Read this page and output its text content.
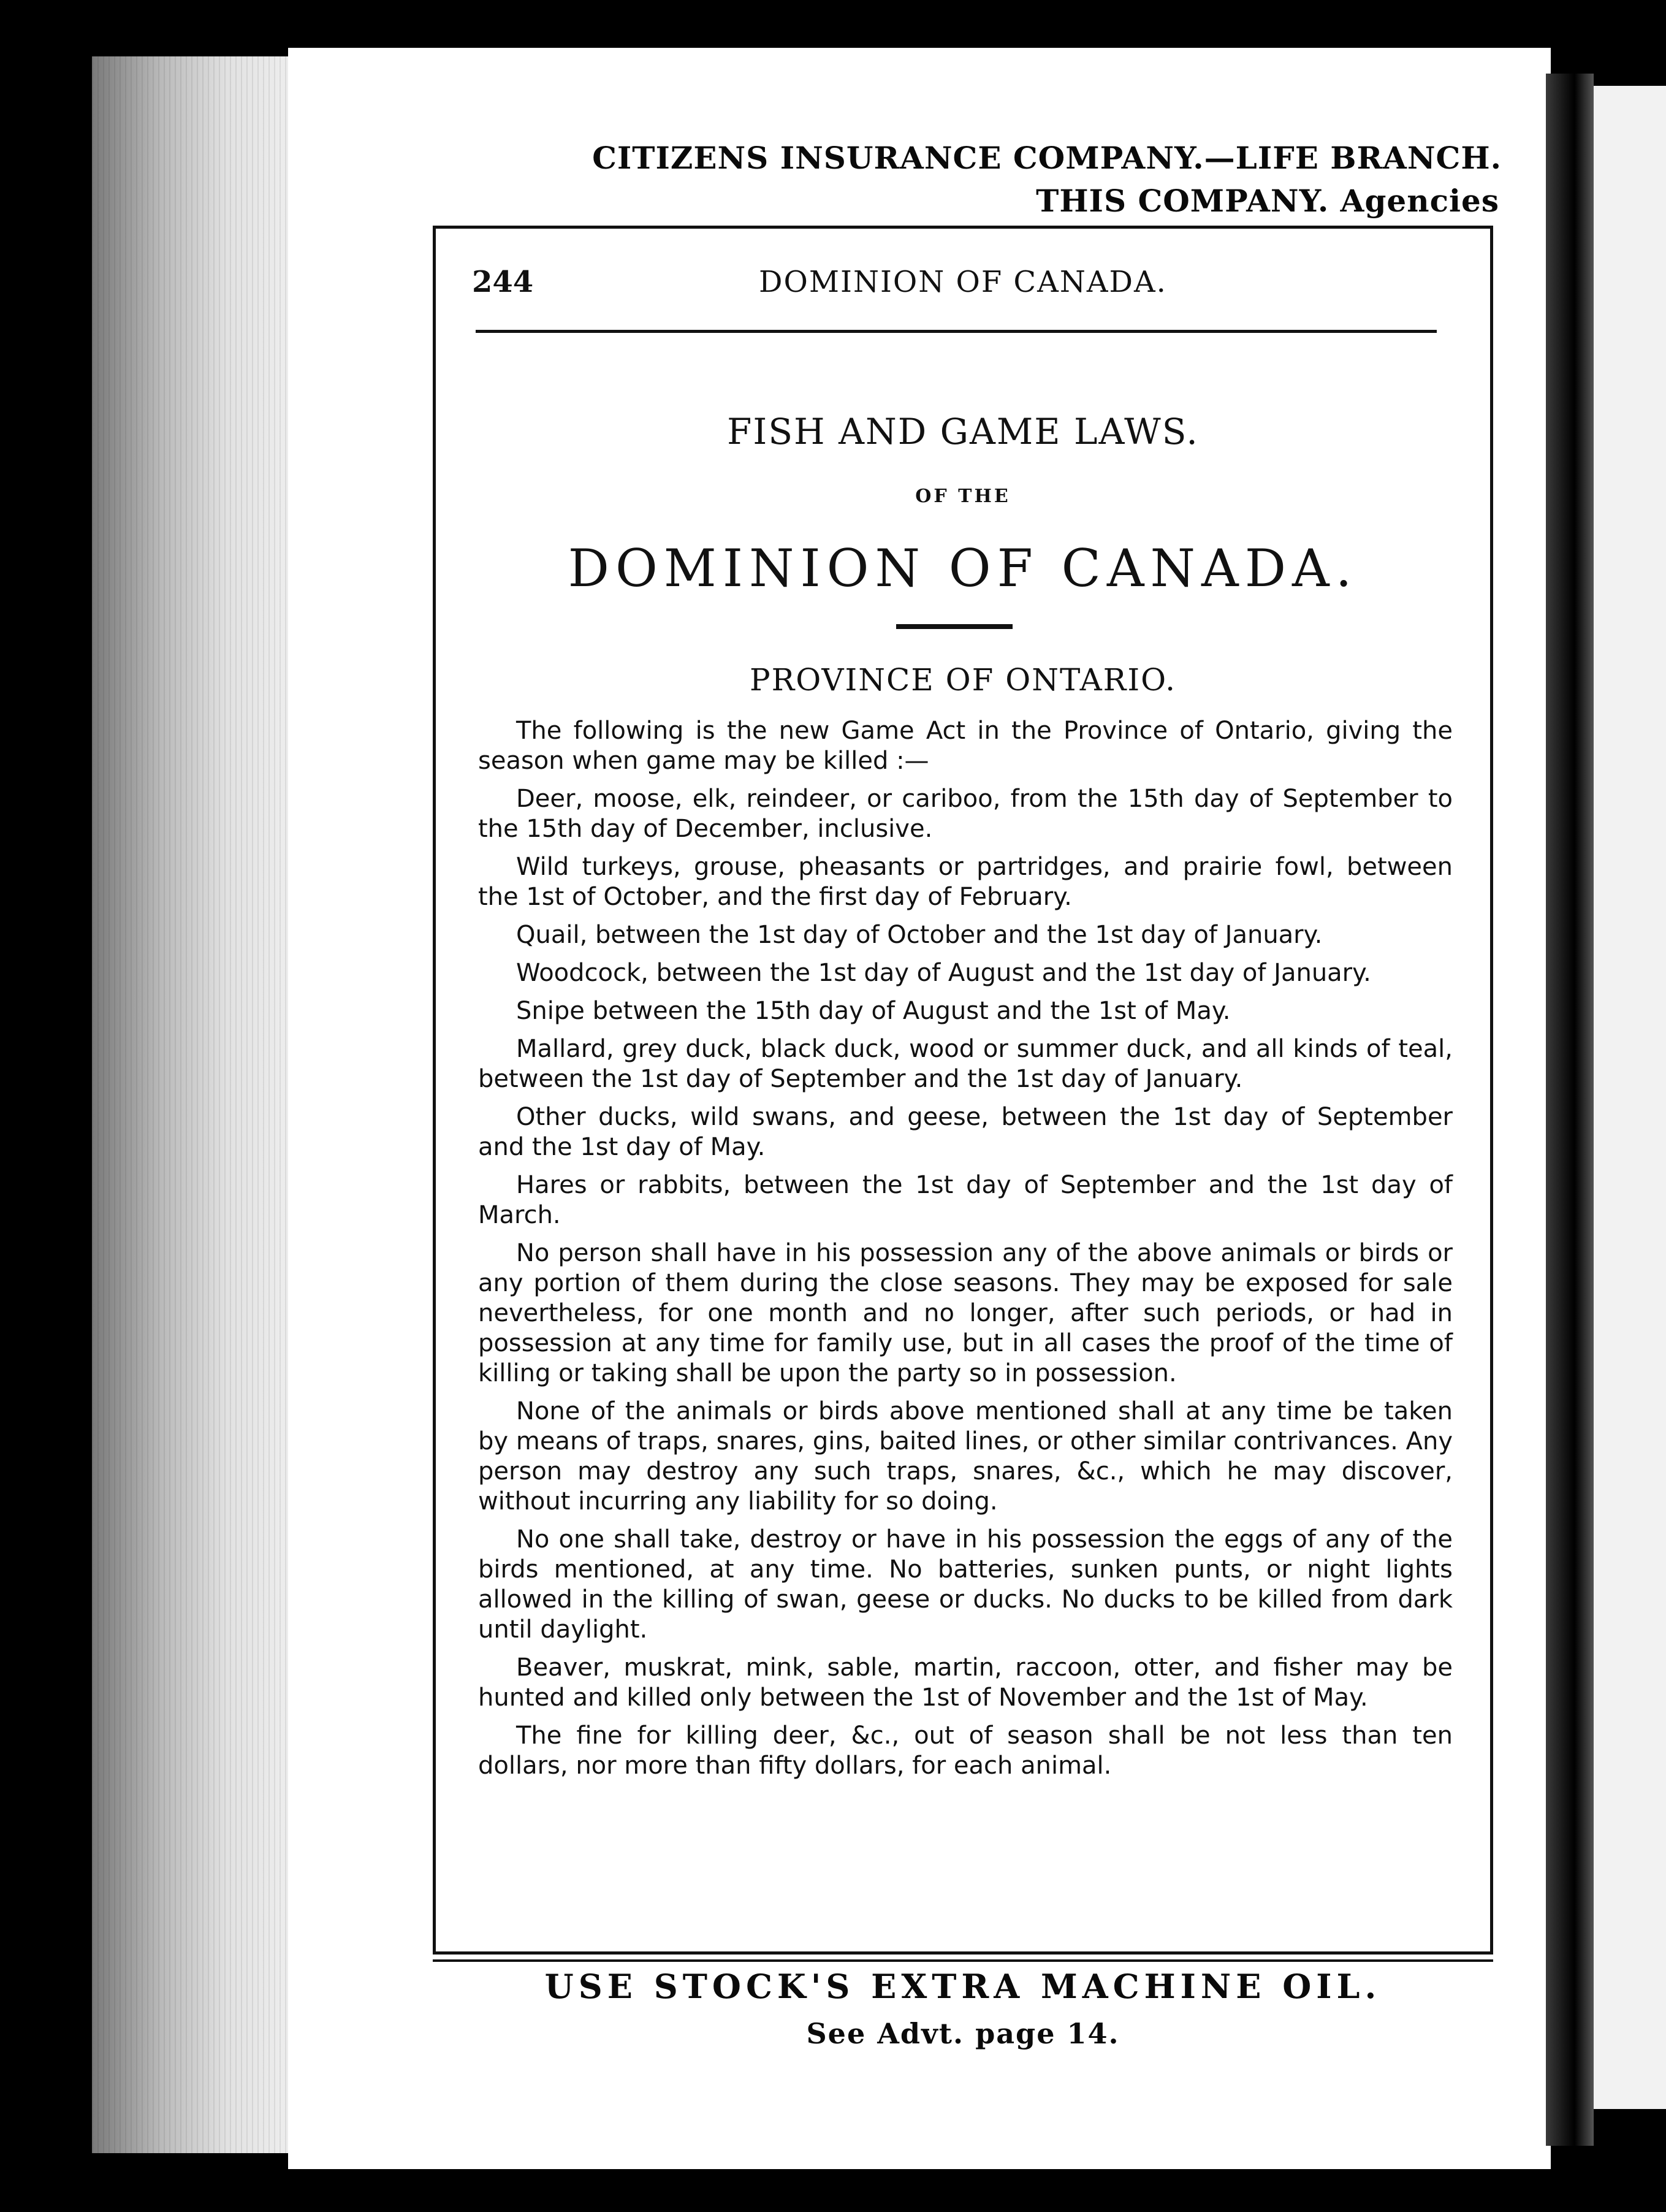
CITIZENS INSURANCE COMPANY.—LIFE BRANCH.
THIS COMPANY. Agencies
244	DOMINION OF CANADA.
FISH AND GAME LAWS.
OF THE
DOMINION OF CANADA.
PROVINCE OF ONTARIO.

The following is the new Game Act in the Province of Ontario, giving the season when game may be killed :—

Deer, moose, elk, reindeer, or cariboo, from the 15th day of September to the 15th day of December, inclusive.

Wild turkeys, grouse, pheasants or partridges, and prairie fowl, between the 1st of October, and the first day of February.

Quail, between the 1st day of October and the 1st day of January.

Woodcock, between the 1st day of August and the 1st day of January.

Snipe between the 15th day of August and the 1st of May.

Mallard, grey duck, black duck, wood or summer duck, and all kinds of teal, between the 1st day of September and the 1st day of January.

Other ducks, wild swans, and geese, between the 1st day of September and the 1st day of May.

Hares or rabbits, between the 1st day of September and the 1st day of March.

No person shall have in his possession any of the above animals or birds or any portion of them during the close seasons. They may be exposed for sale nevertheless, for one month and no longer, after such periods, or had in possession at any time for family use, but in all cases the proof of the time of killing or taking shall be upon the party so in possession.

None of the animals or birds above mentioned shall at any time be taken by means of traps, snares, gins, baited lines, or other similar contrivances. Any person may destroy any such traps, snares, &c., which he may discover, without incurring any liability for so doing.

No one shall take, destroy or have in his possession the eggs of any of the birds mentioned, at any time. No batteries, sunken punts, or night lights allowed in the killing of swan, geese or ducks. No ducks to be killed from dark until daylight.

Beaver, muskrat, mink, sable, martin, raccoon, otter, and fisher may be hunted and killed only between the 1st of November and the 1st of May.

The fine for killing deer, &c., out of season shall be not less than ten dollars, nor more than fifty dollars, for each animal.

USE STOCK'S EXTRA MACHINE OIL.
See Advt. page 14.
